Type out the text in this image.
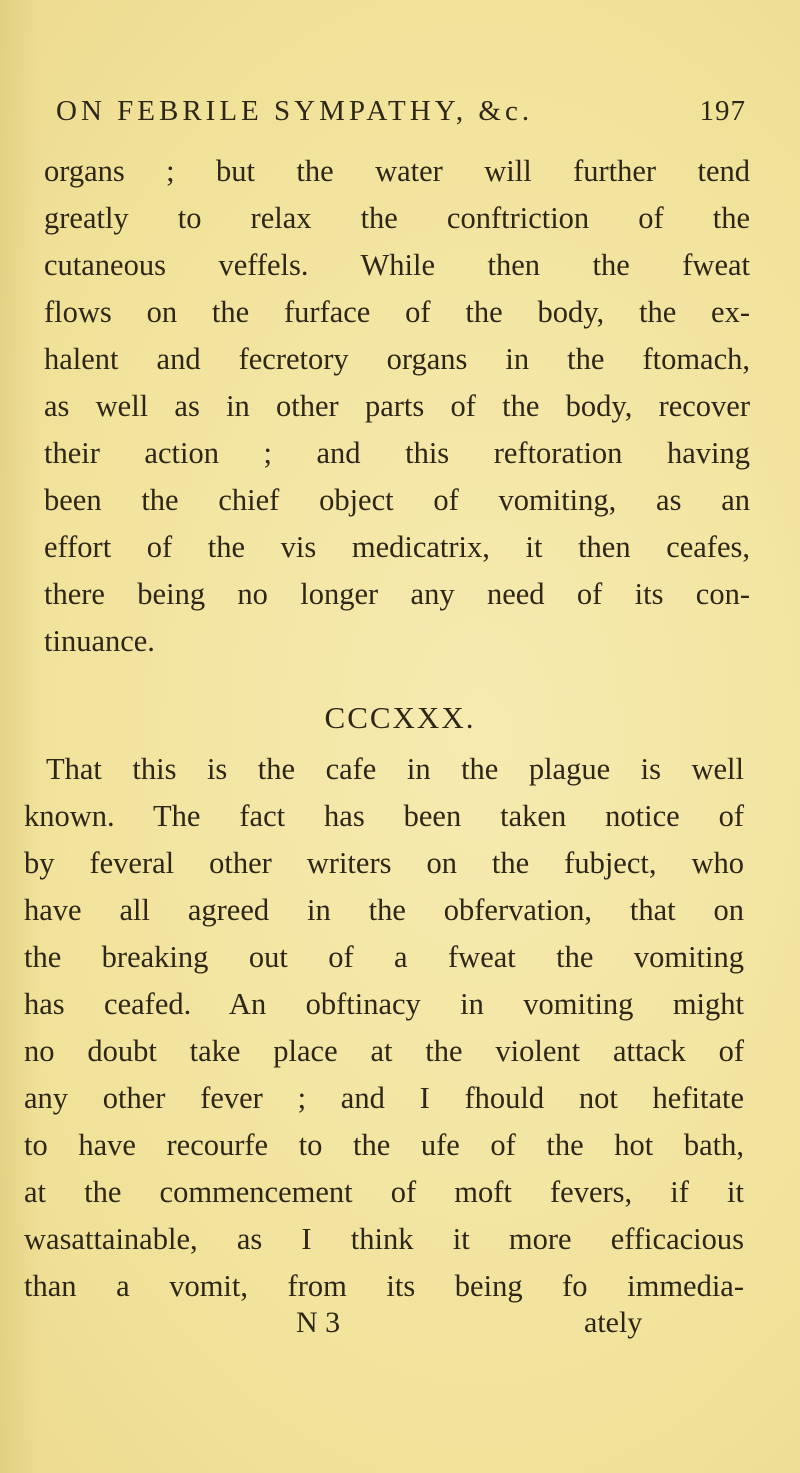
ON FEBRILE SYMPATHY, &c.	197
organs ; but the water will further tend
greatly to relax the conftriction of the
cutaneous veffels. While then the fweat
flows on the furface of the body, the ex-
halent and fecretory organs in the ftomach,
as well as in other parts of the body, recover
their action ; and this reftoration having
been the chief object of vomiting, as an
effort of the vis medicatrix, it then ceafes,
there being no longer any need of its con-
tinuance.
CCCXXX.
That this is the cafe in the plague is well
known. The fact has been taken notice of
by feveral other writers on the fubject, who
have all agreed in the obfervation, that on
the breaking out of a fweat the vomiting
has ceafed. An obftinacy in vomiting might
no doubt take place at the violent attack of
any other fever ; and I fhould not hefitate
to have recourfe to the ufe of the hot bath,
at the commencement of moft fevers, if it
wasattainable, as I think it more efficacious
than a vomit, from its being fo immedia-
N 3	ately
